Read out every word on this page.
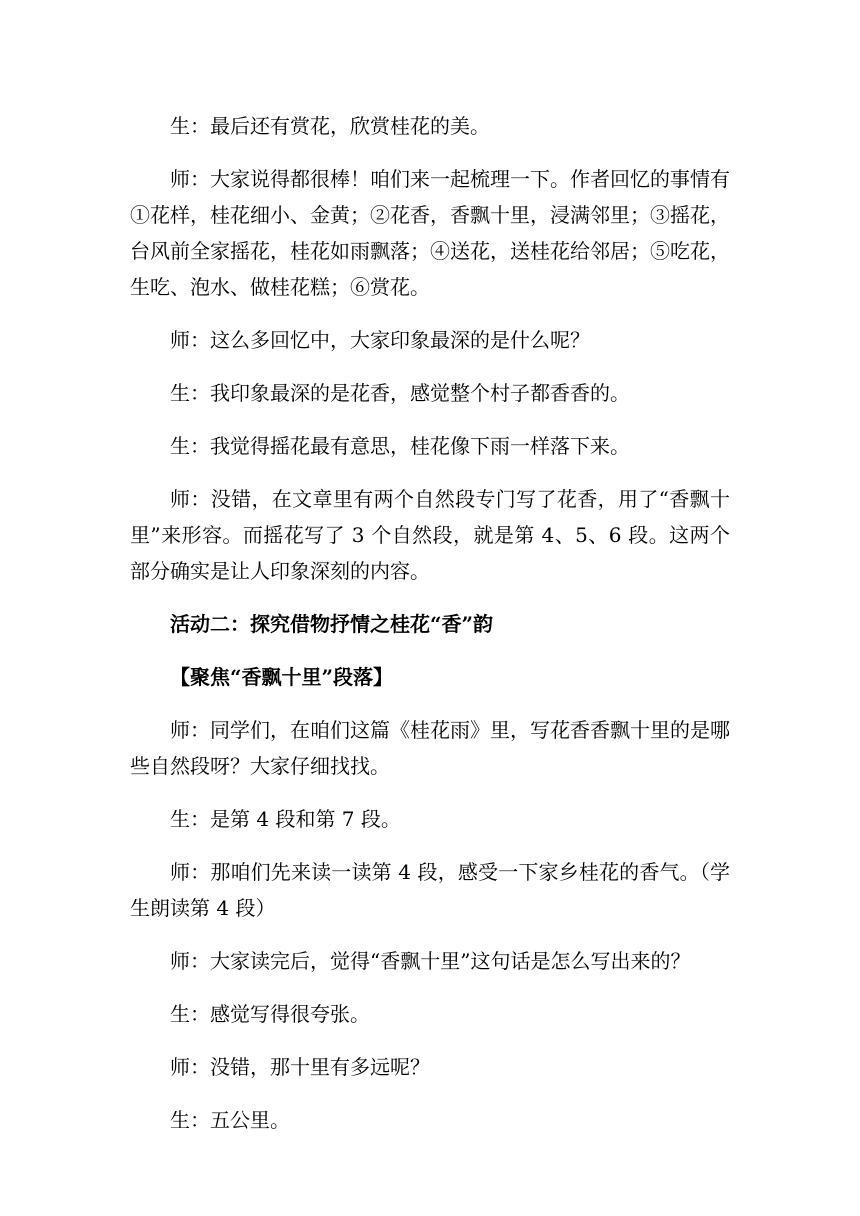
生：最后还有赏花，欣赏桂花的美。

师：大家说得都很棒！咱们来一起梳理一下。作者回忆的事情有①花样，桂花细小、金黄；②花香，香飘十里，浸满邻里；③摇花，台风前全家摇花，桂花如雨飘落；④送花，送桂花给邻居；⑤吃花，生吃、泡水、做桂花糕；⑥赏花。

师：这么多回忆中，大家印象最深的是什么呢？

生：我印象最深的是花香，感觉整个村子都香香的。

生：我觉得摇花最有意思，桂花像下雨一样落下来。

师：没错，在文章里有两个自然段专门写了花香，用了“香飘十里”来形容。而摇花写了 3 个自然段，就是第 4、5、6 段。这两个部分确实是让人印象深刻的内容。

活动二：探究借物抒情之桂花“香”韵

【聚焦“香飘十里”段落】

师：同学们，在咱们这篇《桂花雨》里，写花香香飘十里的是哪些自然段呀？大家仔细找找。

生：是第 4 段和第 7 段。

师：那咱们先来读一读第 4 段，感受一下家乡桂花的香气。（学生朗读第 4 段）

师：大家读完后，觉得“香飘十里”这句话是怎么写出来的？

生：感觉写得很夸张。

师：没错，那十里有多远呢？

生：五公里。
